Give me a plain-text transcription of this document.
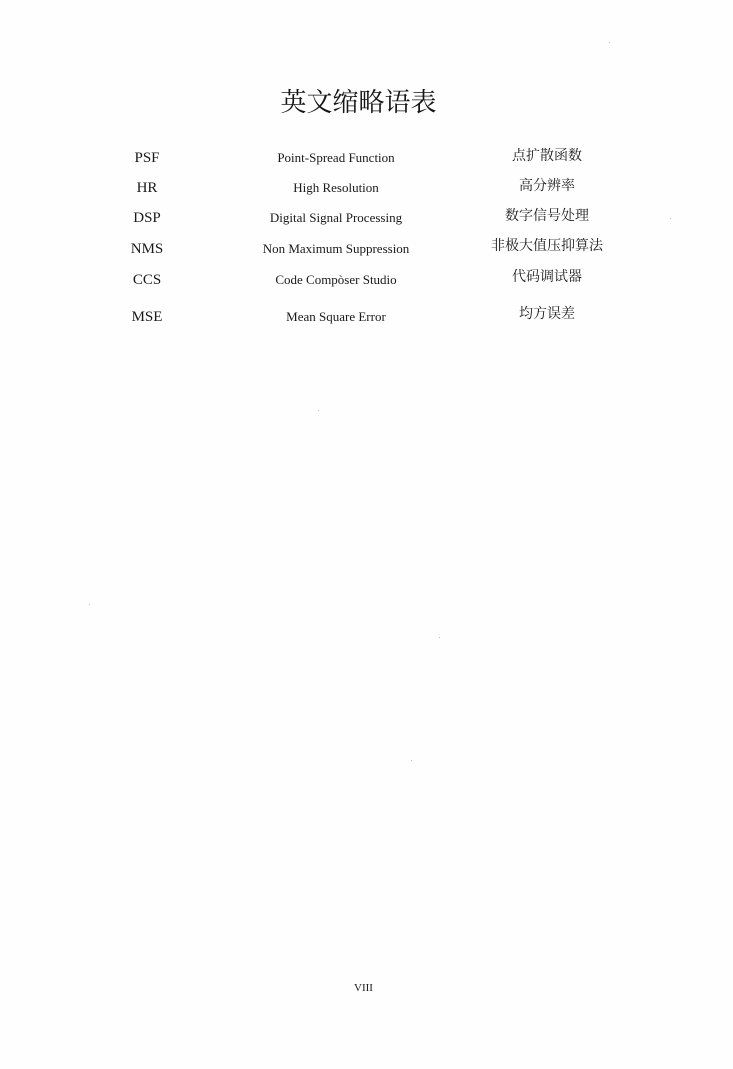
英文缩略语表
PSF	Point-Spread Function	点扩散函数
HR	High Resolution	高分辨率
DSP	Digital Signal Processing	数字信号处理
NMS	Non Maximum Suppression	非极大值压抑算法
CCS	Code Compòser Studio	代码调试器
MSE	Mean Square Error	均方误差
VIII
